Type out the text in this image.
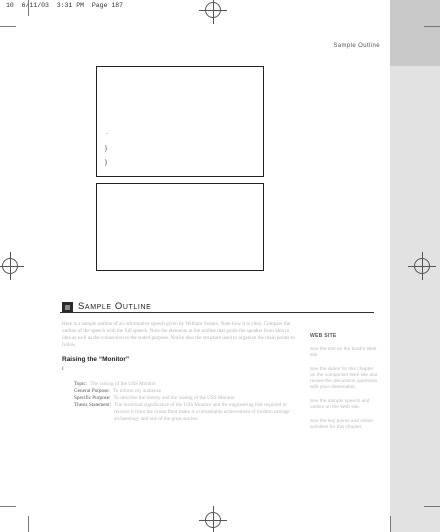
10 6/11/03 3:31 PM Page 187
Sample Outline
·
}
}
Sample Outline

Here is a sample outline of an informative speech given by William Verano. Note how it is clear. Compare the outline of the speech with the full speech. Note the elements in the outline that guide the speaker from idea to idea as well as the connection to the stated purpose. Notice also the structure used to organize the main points to follow.

Raising the “Monitor”
I
Topic: The raising of the USS Monitor
General Purpose: To inform my audience
Specific Purpose: To describe the history and the raising of the USS Monitor
Thesis Statement: The historical significance of the USS Monitor and the engineering feat required to recover it from the ocean floor make it a remarkable achievement of modern salvage archaeology and one of the great stories.
WEB SITE
See the text on the book's Web site.
See the slides for this chapter on the companion Web site and review the discussion questions with your classmates.
See the sample speech and outline on the Web site.
See the key points and online activities for this chapter.
